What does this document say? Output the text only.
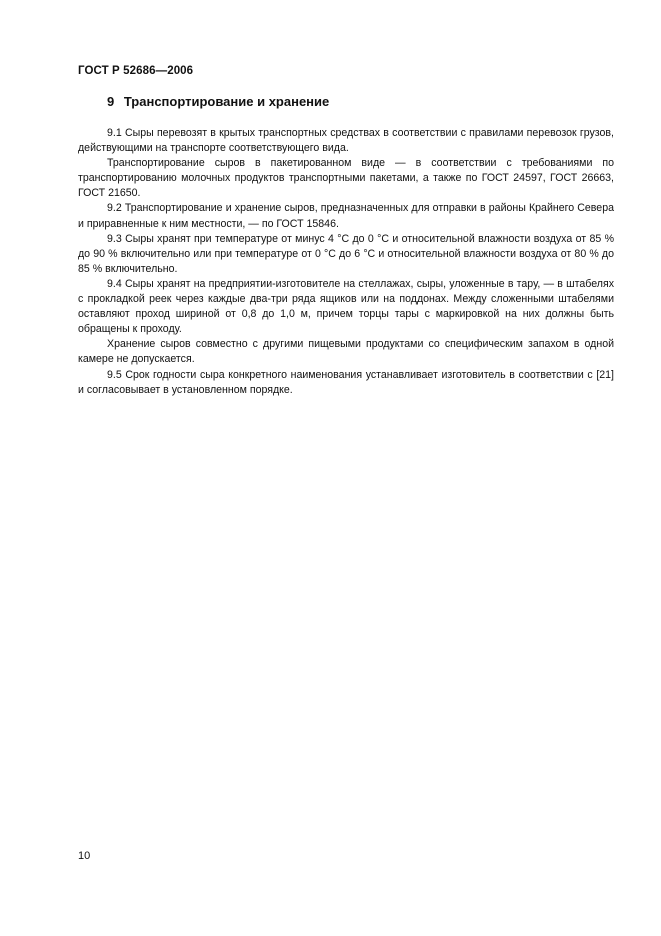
ГОСТ Р 52686—2006
9 Транспортирование и хранение

9.1 Сыры перевозят в крытых транспортных средствах в соответствии с правилами перевозок грузов, действующими на транспорте соответствующего вида.

Транспортирование сыров в пакетированном виде — в соответствии с требованиями по транспортированию молочных продуктов транспортными пакетами, а также по ГОСТ 24597, ГОСТ 26663, ГОСТ 21650.

9.2 Транспортирование и хранение сыров, предназначенных для отправки в районы Крайнего Севера и приравненные к ним местности, — по ГОСТ 15846.

9.3 Сыры хранят при температуре от минус 4 °С до 0 °С и относительной влажности воздуха от 85 % до 90 % включительно или при температуре от 0 °С до 6 °С и относительной влажности воздуха от 80 % до 85 % включительно.

9.4 Сыры хранят на предприятии-изготовителе на стеллажах, сыры, уложенные в тару, — в штабелях с прокладкой реек через каждые два-три ряда ящиков или на поддонах. Между сложенными штабелями оставляют проход шириной от 0,8 до 1,0 м, причем торцы тары с маркировкой на них должны быть обращены к проходу.

Хранение сыров совместно с другими пищевыми продуктами со специфическим запахом в одной камере не допускается.

9.5 Срок годности сыра конкретного наименования устанавливает изготовитель в соответствии с [21] и согласовывает в установленном порядке.

10
